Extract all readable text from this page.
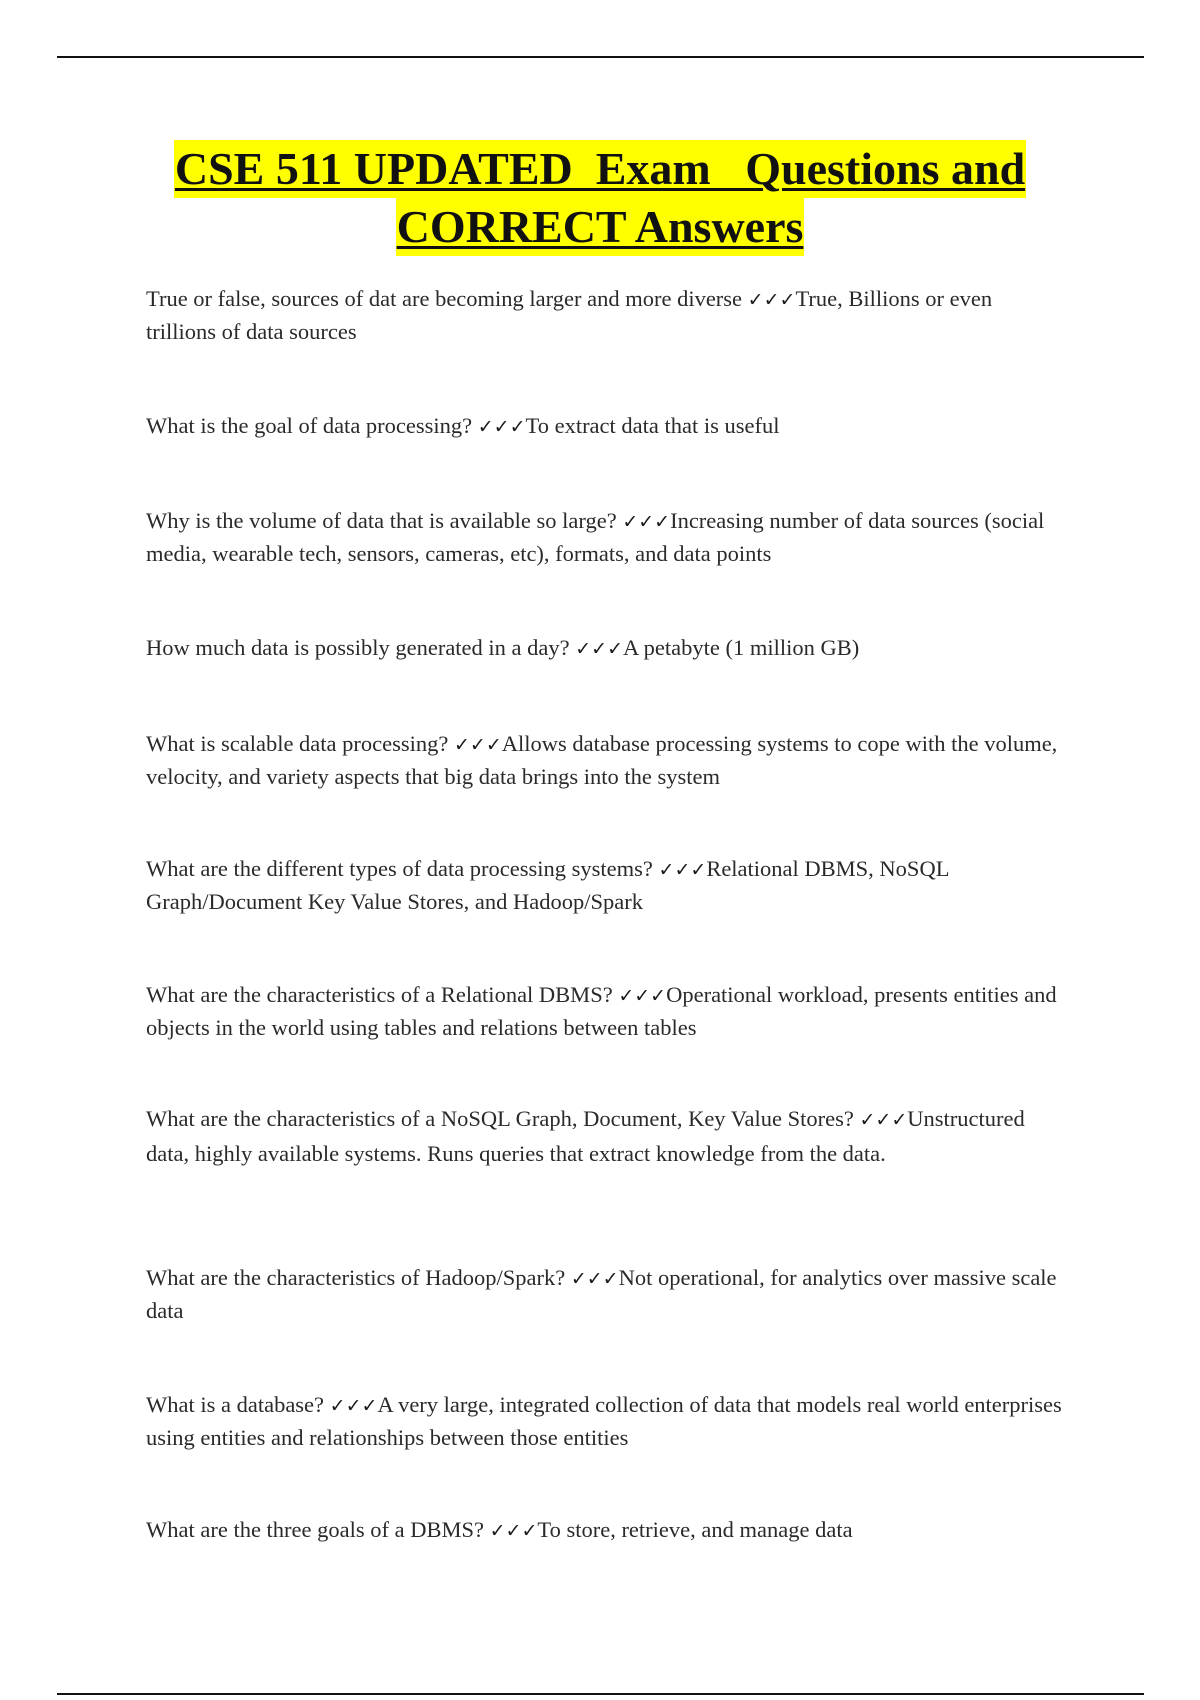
CSE 511 UPDATED  Exam   Questions and
CORRECT Answers
True or false, sources of dat are becoming larger and more diverse ✓✓✓True, Billions or even trillions of data sources
What is the goal of data processing? ✓✓✓To extract data that is useful
Why is the volume of data that is available so large? ✓✓✓Increasing number of data sources (social media, wearable tech, sensors, cameras, etc), formats, and data points
How much data is possibly generated in a day? ✓✓✓A petabyte (1 million GB)
What is scalable data processing? ✓✓✓Allows database processing systems to cope with the volume, velocity, and variety aspects that big data brings into the system
What are the different types of data processing systems? ✓✓✓Relational DBMS, NoSQL Graph/Document Key Value Stores, and Hadoop/Spark
What are the characteristics of a Relational DBMS? ✓✓✓Operational workload, presents entities and objects in the world using tables and relations between tables
What are the characteristics of a NoSQL Graph, Document, Key Value Stores? ✓✓✓Unstructured data, highly available systems. Runs queries that extract knowledge from the data.
What are the characteristics of Hadoop/Spark? ✓✓✓Not operational, for analytics over massive scale data
What is a database? ✓✓✓A very large, integrated collection of data that models real world enterprises using entities and relationships between those entities
What are the three goals of a DBMS? ✓✓✓To store, retrieve, and manage data
